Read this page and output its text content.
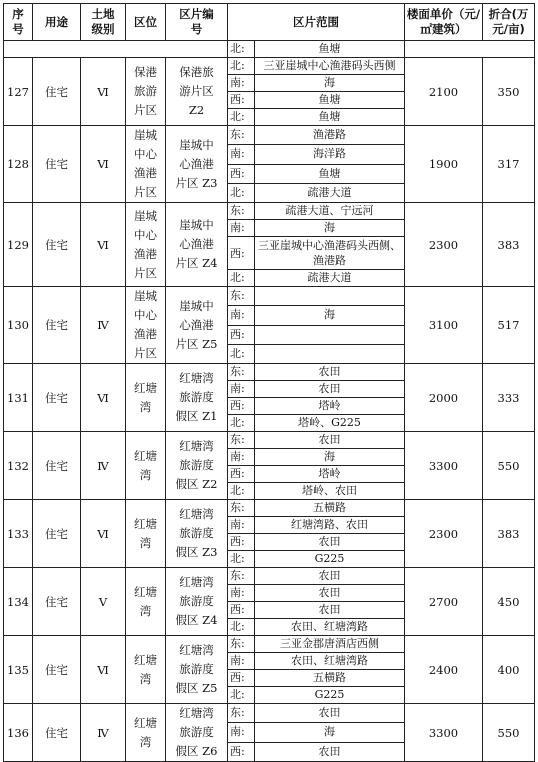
序
号	用途	土地
级别	区位	区片编
号	区片范围		楼面单价（元/
㎡建筑）	折合(万
元/亩)
					北:	鱼塘		
127	住宅	Ⅵ	保港
旅游
片区	保港旅
游片区
Z2	北:	三亚崖城中心渔港码头西侧	2100	350
					南:	海		
					西:	鱼塘		
					北:	鱼塘		
128	住宅	Ⅵ	崖城
中心
渔港
片区	崖城中
心渔港
片区 Z3	东:	渔港路	1900	317
					南:	海洋路		
					西:	鱼塘		
					北:	疏港大道		
129	住宅	Ⅵ	崖城
中心
渔港
片区	崖城中
心渔港
片区 Z4	东:	疏港大道、宁远河	2300	383
					南:	海		
					西:	三亚崖城中心渔港码头西侧、
渔港路		
					北:	疏港大道		
130	住宅	Ⅳ	崖城
中心
渔港
片区	崖城中
心渔港
片区 Z5	东:		3100	517
					南:	海		
					西:			
					北:			
131	住宅	Ⅵ	红塘
湾	红塘湾
旅游度
假区 Z1	东:	农田	2000	333
					南:	农田		
					西:	塔岭		
					北:	塔岭、G225		
132	住宅	Ⅳ	红塘
湾	红塘湾
旅游度
假区 Z2	东:	农田	3300	550
					南:	海		
					西:	塔岭		
					北:	塔岭、农田		
133	住宅	Ⅵ	红塘
湾	红塘湾
旅游度
假区 Z3	东:	五横路	2300	383
					南:	红塘湾路、农田		
					西:	农田		
					北:	G225		
134	住宅	Ⅴ	红塘
湾	红塘湾
旅游度
假区 Z4	东:	农田	2700	450
					南:	农田		
					西:	农田		
					北:	农田、红塘湾路		
135	住宅	Ⅵ	红塘
湾	红塘湾
旅游度
假区 Z5	东:	三亚金郡唐酒店西侧	2400	400
					南:	农田、红塘湾路		
					西:	五横路		
					北:	G225		
136	住宅	Ⅳ	红塘
湾	红塘湾
旅游度
假区 Z6	东:	农田	3300	550
					南:	海		
					西:	农田		
